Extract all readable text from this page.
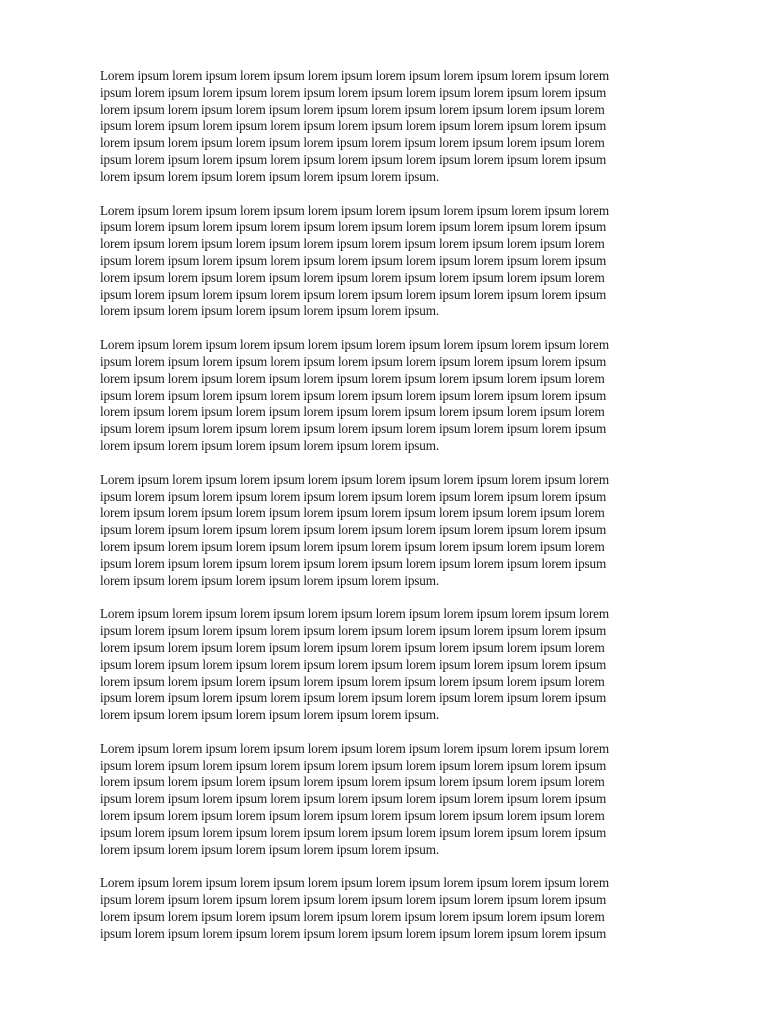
Lorem ipsum lorem ipsum lorem ipsum lorem ipsum lorem ipsum lorem ipsum lorem ipsum lorem
ipsum lorem ipsum lorem ipsum lorem ipsum lorem ipsum lorem ipsum lorem ipsum lorem ipsum
lorem ipsum lorem ipsum lorem ipsum lorem ipsum lorem ipsum lorem ipsum lorem ipsum lorem
ipsum lorem ipsum lorem ipsum lorem ipsum lorem ipsum lorem ipsum lorem ipsum lorem ipsum
lorem ipsum lorem ipsum lorem ipsum lorem ipsum lorem ipsum lorem ipsum lorem ipsum lorem
ipsum lorem ipsum lorem ipsum lorem ipsum lorem ipsum lorem ipsum lorem ipsum lorem ipsum
lorem ipsum lorem ipsum lorem ipsum lorem ipsum lorem ipsum.

Lorem ipsum lorem ipsum lorem ipsum lorem ipsum lorem ipsum lorem ipsum lorem ipsum lorem
ipsum lorem ipsum lorem ipsum lorem ipsum lorem ipsum lorem ipsum lorem ipsum lorem ipsum
lorem ipsum lorem ipsum lorem ipsum lorem ipsum lorem ipsum lorem ipsum lorem ipsum lorem
ipsum lorem ipsum lorem ipsum lorem ipsum lorem ipsum lorem ipsum lorem ipsum lorem ipsum
lorem ipsum lorem ipsum lorem ipsum lorem ipsum lorem ipsum lorem ipsum lorem ipsum lorem
ipsum lorem ipsum lorem ipsum lorem ipsum lorem ipsum lorem ipsum lorem ipsum lorem ipsum
lorem ipsum lorem ipsum lorem ipsum lorem ipsum lorem ipsum.

Lorem ipsum lorem ipsum lorem ipsum lorem ipsum lorem ipsum lorem ipsum lorem ipsum lorem
ipsum lorem ipsum lorem ipsum lorem ipsum lorem ipsum lorem ipsum lorem ipsum lorem ipsum
lorem ipsum lorem ipsum lorem ipsum lorem ipsum lorem ipsum lorem ipsum lorem ipsum lorem
ipsum lorem ipsum lorem ipsum lorem ipsum lorem ipsum lorem ipsum lorem ipsum lorem ipsum
lorem ipsum lorem ipsum lorem ipsum lorem ipsum lorem ipsum lorem ipsum lorem ipsum lorem
ipsum lorem ipsum lorem ipsum lorem ipsum lorem ipsum lorem ipsum lorem ipsum lorem ipsum
lorem ipsum lorem ipsum lorem ipsum lorem ipsum lorem ipsum.

Lorem ipsum lorem ipsum lorem ipsum lorem ipsum lorem ipsum lorem ipsum lorem ipsum lorem
ipsum lorem ipsum lorem ipsum lorem ipsum lorem ipsum lorem ipsum lorem ipsum lorem ipsum
lorem ipsum lorem ipsum lorem ipsum lorem ipsum lorem ipsum lorem ipsum lorem ipsum lorem
ipsum lorem ipsum lorem ipsum lorem ipsum lorem ipsum lorem ipsum lorem ipsum lorem ipsum
lorem ipsum lorem ipsum lorem ipsum lorem ipsum lorem ipsum lorem ipsum lorem ipsum lorem
ipsum lorem ipsum lorem ipsum lorem ipsum lorem ipsum lorem ipsum lorem ipsum lorem ipsum
lorem ipsum lorem ipsum lorem ipsum lorem ipsum lorem ipsum.

Lorem ipsum lorem ipsum lorem ipsum lorem ipsum lorem ipsum lorem ipsum lorem ipsum lorem
ipsum lorem ipsum lorem ipsum lorem ipsum lorem ipsum lorem ipsum lorem ipsum lorem ipsum
lorem ipsum lorem ipsum lorem ipsum lorem ipsum lorem ipsum lorem ipsum lorem ipsum lorem
ipsum lorem ipsum lorem ipsum lorem ipsum lorem ipsum lorem ipsum lorem ipsum lorem ipsum
lorem ipsum lorem ipsum lorem ipsum lorem ipsum lorem ipsum lorem ipsum lorem ipsum lorem
ipsum lorem ipsum lorem ipsum lorem ipsum lorem ipsum lorem ipsum lorem ipsum lorem ipsum
lorem ipsum lorem ipsum lorem ipsum lorem ipsum lorem ipsum.

Lorem ipsum lorem ipsum lorem ipsum lorem ipsum lorem ipsum lorem ipsum lorem ipsum lorem
ipsum lorem ipsum lorem ipsum lorem ipsum lorem ipsum lorem ipsum lorem ipsum lorem ipsum
lorem ipsum lorem ipsum lorem ipsum lorem ipsum lorem ipsum lorem ipsum lorem ipsum lorem
ipsum lorem ipsum lorem ipsum lorem ipsum lorem ipsum lorem ipsum lorem ipsum lorem ipsum
lorem ipsum lorem ipsum lorem ipsum lorem ipsum lorem ipsum lorem ipsum lorem ipsum lorem
ipsum lorem ipsum lorem ipsum lorem ipsum lorem ipsum lorem ipsum lorem ipsum lorem ipsum
lorem ipsum lorem ipsum lorem ipsum lorem ipsum lorem ipsum.

Lorem ipsum lorem ipsum lorem ipsum lorem ipsum lorem ipsum lorem ipsum lorem ipsum lorem
ipsum lorem ipsum lorem ipsum lorem ipsum lorem ipsum lorem ipsum lorem ipsum lorem ipsum
lorem ipsum lorem ipsum lorem ipsum lorem ipsum lorem ipsum lorem ipsum lorem ipsum lorem
ipsum lorem ipsum lorem ipsum lorem ipsum lorem ipsum lorem ipsum lorem ipsum lorem ipsum
